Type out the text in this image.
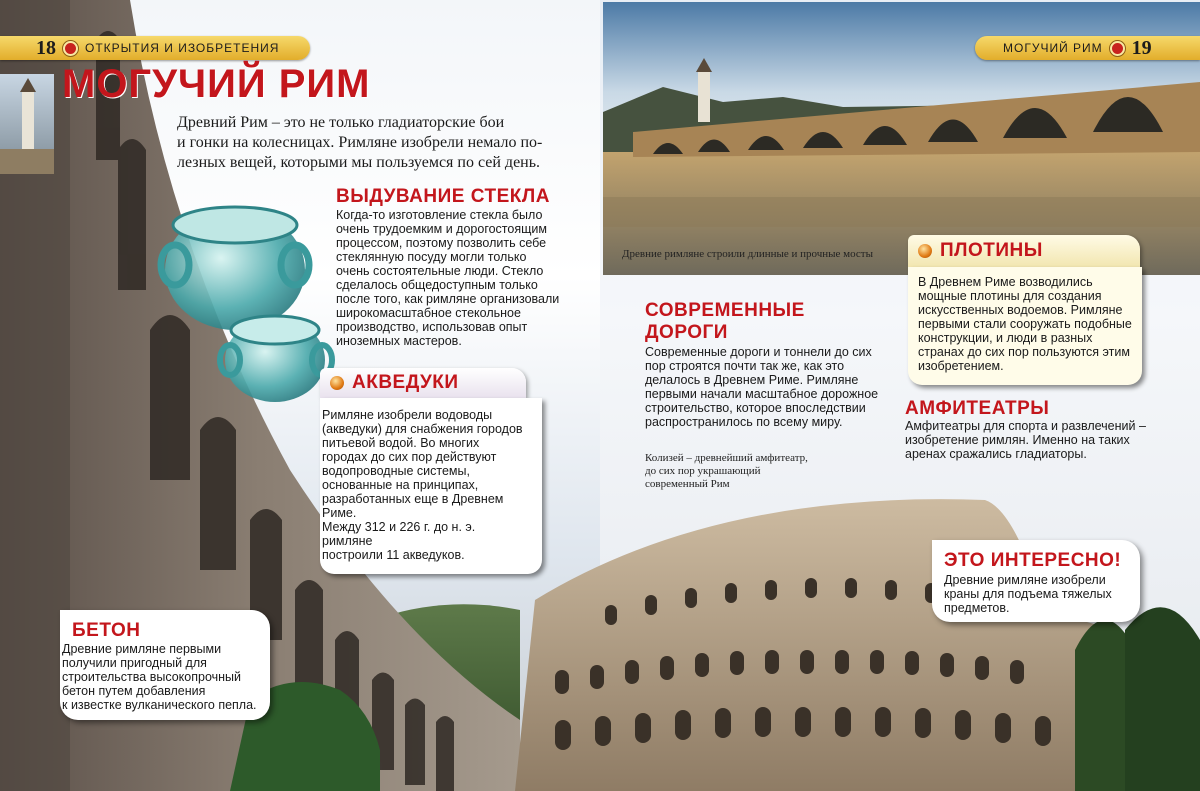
Древние римляне строили длинные и прочные мосты
18 ОТКРЫТИЯ И ИЗОБРЕТЕНИЯ	МОГУЧИЙ РИМ 19
МОГУЧИЙ РИМ
Древний Рим – это не только гладиаторские бои
и гонки на колесницах. Римляне изобрели немало по-
лезных вещей, которыми мы пользуемся по сей день.
ВЫДУВАНИЕ СТЕКЛА
Когда-то изготовление стекла было
очень трудоемким и дорогостоящим
процессом, поэтому позволить себе
стеклянную посуду могли только
очень состоятельные люди. Стекло
сделалось общедоступным только
после того, как римляне организовали
широкомасштабное стекольное
производство, использовав опыт
иноземных мастеров.
АКВЕДУКИ
Римляне изобрели водоводы
(акведуки) для снабжения городов
питьевой водой. Во многих
городах до сих пор действуют
водопроводные системы,
основанные на принципах,
разработанных еще в Древнем Риме.
Между 312 и 226 г. до н. э. римляне
построили 11 акведуков.
БЕТОН
Древние римляне первыми
получили пригодный для
строительства высокопрочный
бетон путем добавления
к известке вулканического пепла.
ПЛОТИНЫ
В Древнем Риме возводились
мощные плотины для создания
искусственных водоемов. Римляне
первыми стали сооружать подобные
конструкции, и люди в разных
странах до сих пор пользуются этим
изобретением.
СОВРЕМЕННЫЕ
ДОРОГИ
Современные дороги и тоннели до сих
пор строятся почти так же, как это
делалось в Древнем Риме. Римляне
первыми начали масштабное дорожное
строительство, которое впоследствии
распространилось по всему миру.
Колизей – древнейший амфитеатр,
до сих пор украшающий
современный Рим
АМФИТЕАТРЫ
Амфитеатры для спорта и развлечений –
изобретение римлян. Именно на таких
аренах сражались гладиаторы.
ЭТО ИНТЕРЕСНО!
Древние римляне изобрели
краны для подъема тяжелых
предметов.
